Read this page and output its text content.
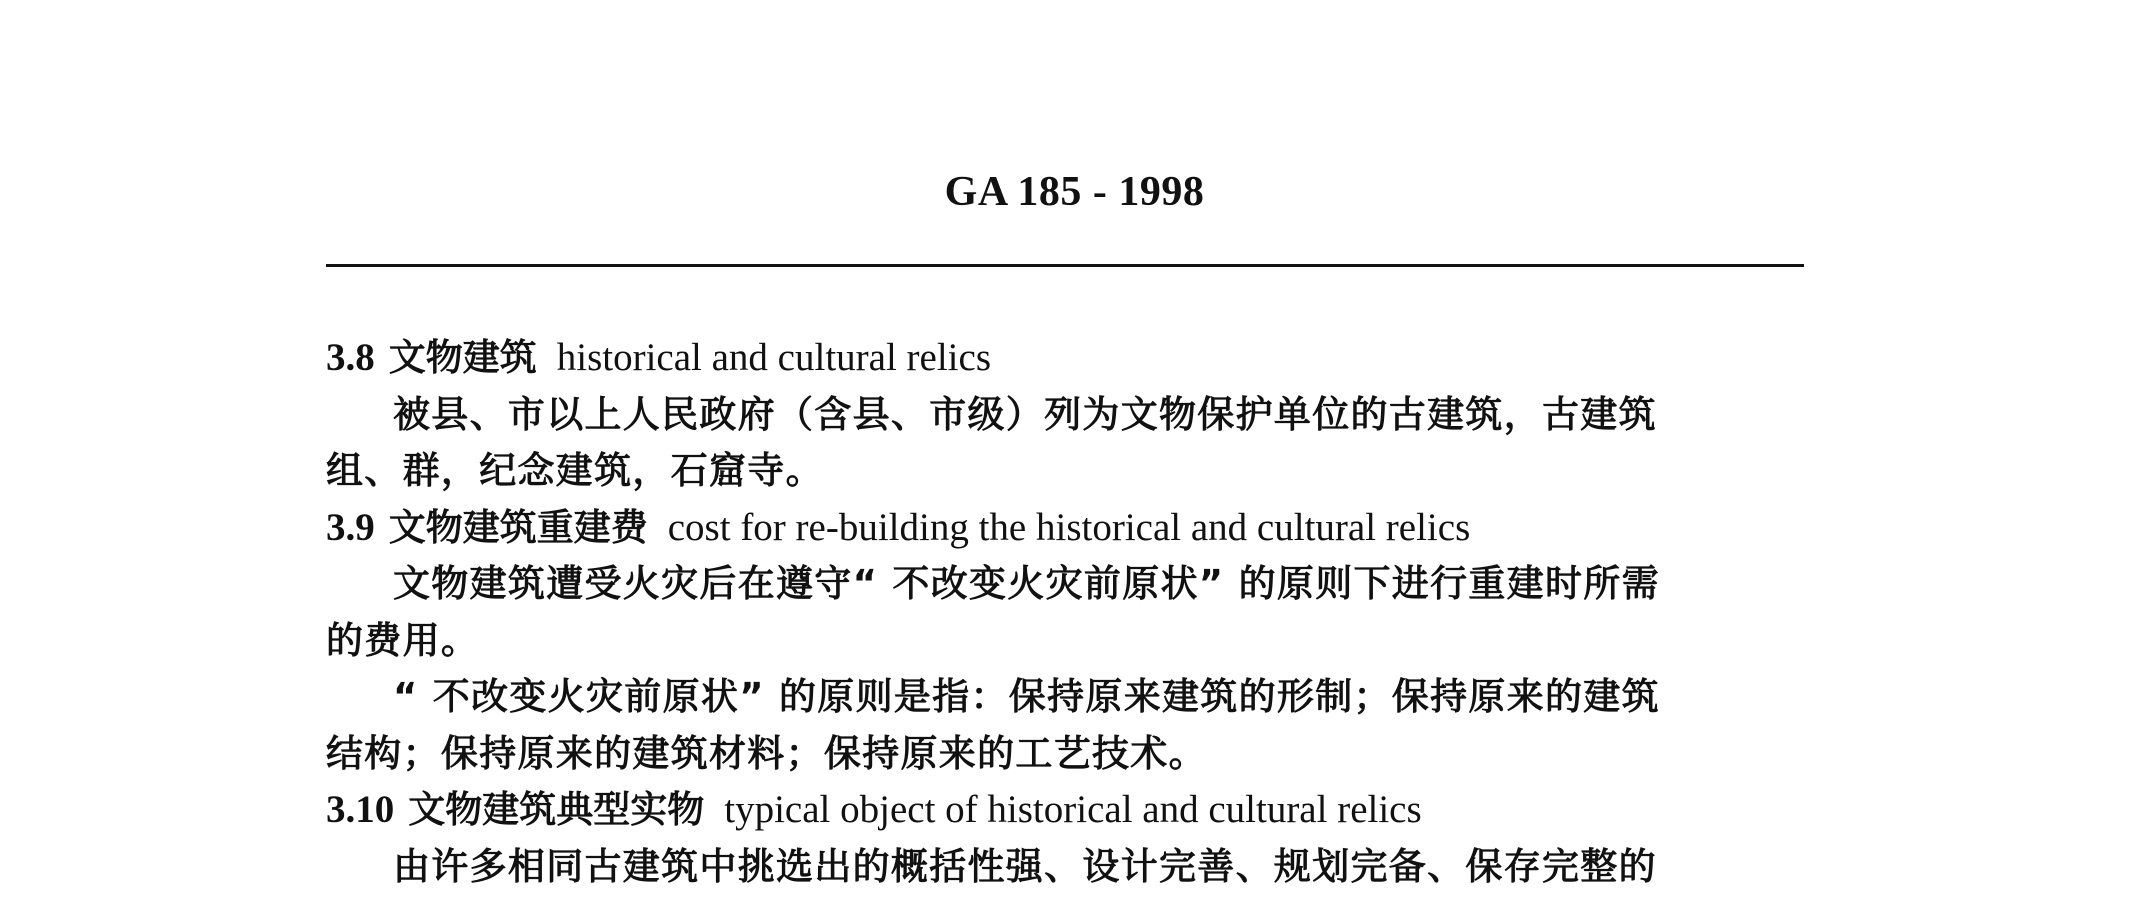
GA 185 - 1998
3.8 文物建筑 historical and cultural relics
被县、市以上人民政府（含县、市级）列为文物保护单位的古建筑，古建筑
组、群，纪念建筑，石窟寺。
3.9 文物建筑重建费 cost for re-building the historical and cultural relics
文物建筑遭受火灾后在遵守“ 不改变火灾前原状” 的原则下进行重建时所需
的费用。
“ 不改变火灾前原状” 的原则是指：保持原来建筑的形制；保持原来的建筑
结构；保持原来的建筑材料；保持原来的工艺技术。
3.10 文物建筑典型实物 typical object of historical and cultural relics
由许多相同古建筑中挑选出的概括性强、设计完善、规划完备、保存完整的
